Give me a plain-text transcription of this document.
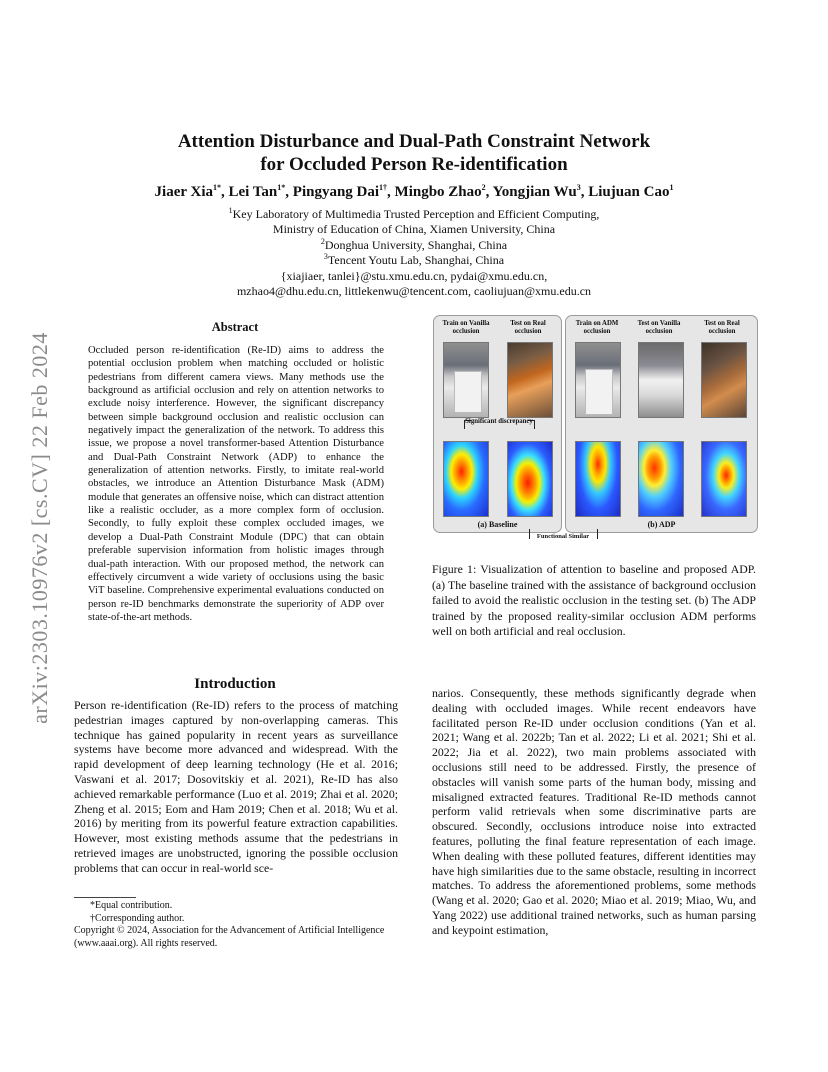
arXiv:2303.10976v2 [cs.CV] 22 Feb 2024
Attention Disturbance and Dual-Path Constraint Network
for Occluded Person Re-identification
Jiaer Xia$^{1*}$, Lei Tan$^{1*}$, Pingyang Dai$^{1\dagger}$, Mingbo Zhao$^2$, Yongjian Wu$^3$, Liujuan Cao$^1$
$^1$Key Laboratory of Multimedia Trusted Perception and Efficient Computing,
Ministry of Education of China, Xiamen University, China
$^2$Donghua University, Shanghai, China
$^3$Tencent Youtu Lab, Shanghai, China
{xiajiaer, tanlei}@stu.xmu.edu.cn, pydai@xmu.edu.cn,
mzhao4@dhu.edu.cn, littlekenwu@tencent.com, caoliujuan@xmu.edu.cn
Abstract
Occluded person re-identification (Re-ID) aims to address the potential occlusion problem when matching occluded or holistic pedestrians from different camera views. Many methods use the background as artificial occlusion and rely on attention networks to exclude noisy interference. However, the significant discrepancy between simple background occlusion and realistic occlusion can negatively impact the generalization of the network. To address this issue, we propose a novel transformer-based Attention Disturbance and Dual-Path Constraint Network (ADP) to enhance the generalization of attention networks. Firstly, to imitate real-world obstacles, we introduce an Attention Disturbance Mask (ADM) module that generates an offensive noise, which can distract attention like a realistic occluder, as a more complex form of occlusion. Secondly, to fully exploit these complex occluded images, we develop a Dual-Path Constraint Module (DPC) that can obtain preferable supervision information from holistic images through dual-path interaction. With our proposed method, the network can effectively circumvent a wide variety of occlusions using the basic ViT baseline. Comprehensive experimental evaluations conducted on person re-ID benchmarks demonstrate the superiority of ADP over state-of-the-art methods.
Train on Vanilla occlusion
Test on Real occlusion
Significant discrepancy
(a) Baseline
Train on ADM occlusion
Test on Vanilla occlusion
Test on Real occlusion
(b) ADP
Functional Similar
Figure 1: Visualization of attention to baseline and proposed ADP. (a) The baseline trained with the assistance of background occlusion failed to avoid the realistic occlusion in the testing set. (b) The ADP trained by the proposed reality-similar occlusion ADM performs well on both artificial and real occlusion.
Introduction
Person re-identification (Re-ID) refers to the process of matching pedestrian images captured by non-overlapping cameras. This technique has gained popularity in recent years as surveillance systems have become more advanced and widespread. With the rapid development of deep learning technology (He et al. 2016; Vaswani et al. 2017; Dosovitskiy et al. 2021), Re-ID has also achieved remarkable performance (Luo et al. 2019; Zhai et al. 2020; Zheng et al. 2015; Eom and Ham 2019; Chen et al. 2018; Wu et al. 2016) by meriting from its powerful feature extraction capabilities. However, most existing methods assume that the pedestrians in retrieved images are unobstructed, ignoring the possible occlusion problems that can occur in real-world sce-
narios. Consequently, these methods significantly degrade when dealing with occluded images. While recent endeavors have facilitated person Re-ID under occlusion conditions (Yan et al. 2021; Wang et al. 2022b; Tan et al. 2022; Li et al. 2021; Shi et al. 2022; Jia et al. 2022), two main problems associated with occlusions still need to be addressed. Firstly, the presence of obstacles will vanish some parts of the human body, missing and misaligned extracted features. Traditional Re-ID methods cannot perform valid retrievals when some discriminative parts are obscured. Secondly, occlusions introduce noise into extracted features, polluting the final feature representation of each image. When dealing with these polluted features, different identities may have high similarities due to the same obstacle, resulting in incorrect matches. To address the aforementioned problems, some methods (Wang et al. 2020; Gao et al. 2020; Miao et al. 2019; Miao, Wu, and Yang 2022) use additional trained networks, such as human parsing and keypoint estimation,
*Equal contribution.
†Corresponding author.
Copyright © 2024, Association for the Advancement of Artificial Intelligence (www.aaai.org). All rights reserved.
